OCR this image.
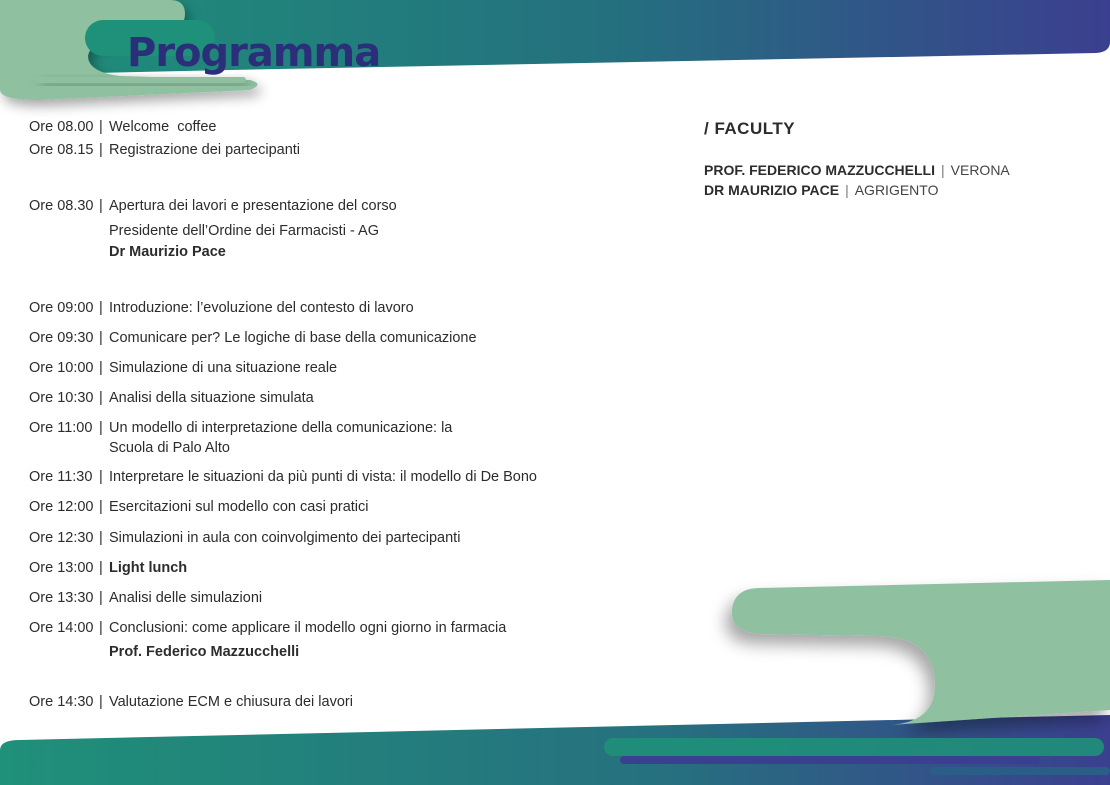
Programma
Ore 08.00 | Welcome  coffee
Ore 08.15 | Registrazione dei partecipanti
Ore 08.30 | Apertura dei lavori e presentazione del corso
Presidente dell’Ordine dei Farmacisti - AG
Dr Maurizio Pace
Ore 09:00 | Introduzione: l’evoluzione del contesto di lavoro
Ore 09:30 | Comunicare per? Le logiche di base della comunicazione
Ore 10:00 | Simulazione di una situazione reale
Ore 10:30 | Analisi della situazione simulata
Ore 11:00 | Un modello di interpretazione della comunicazione: la
Scuola di Palo Alto
Ore 11:30 | Interpretare le situazioni da più punti di vista: il modello di De Bono
Ore 12:00 | Esercitazioni sul modello con casi pratici
Ore 12:30 | Simulazioni in aula con coinvolgimento dei partecipanti
Ore 13:00 | Light lunch
Ore 13:30 | Analisi delle simulazioni
Ore 14:00 | Conclusioni: come applicare il modello ogni giorno in farmacia
Prof. Federico Mazzucchelli
Ore 14:30 | Valutazione ECM e chiusura dei lavori
/ FACULTY
PROF. FEDERICO MAZZUCCHELLI | VERONA
DR MAURIZIO PACE | AGRIGENTO
